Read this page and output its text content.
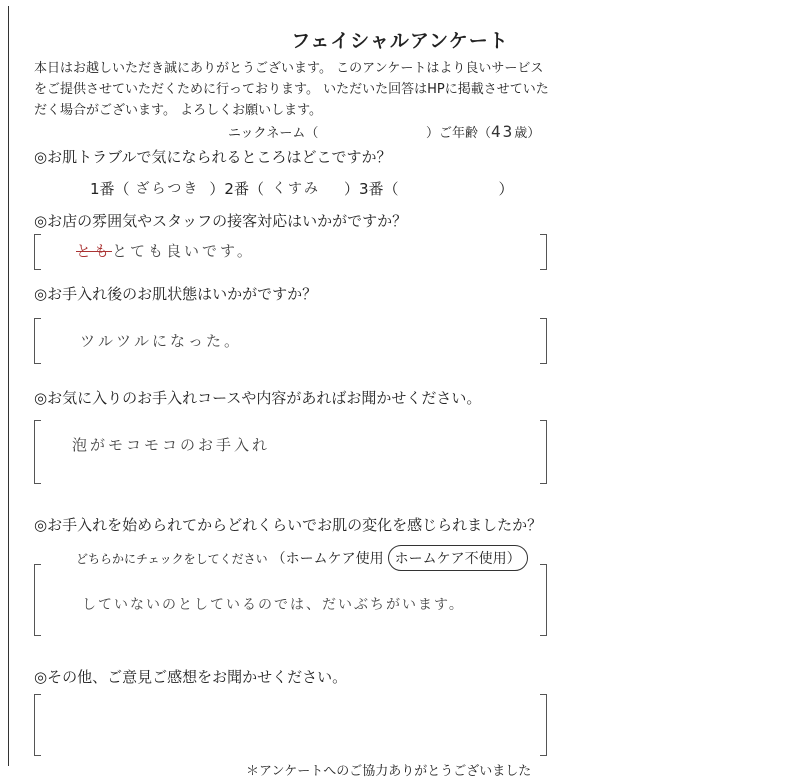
フェイシャルアンケート
本日はお越しいただき誠にありがとうございます。 このアンケートはより良いサービスをご提供させていただくために行っております。 いただいた回答はHPに掲載させていただく場合がございます。 よろしくお願いします。
ニックネーム（	）ご年齢（43歳）
◎お肌トラブルで気になられるところはどこですか？
1番（ ざらつき ）2番（ くすみ ）3番（	）
◎お店の雰囲気やスタッフの接客対応はいかがですか？
ともとても良いです。
◎お手入れ後のお肌状態はいかがですか？
ツルツルになった。
◎お気に入りのお手入れコースや内容があればお聞かせください。
泡がモコモコのお手入れ
◎お手入れを始められてからどれくらいでお肌の変化を感じられましたか？
どちらかにチェックをしてください （ホームケア使用 ホームケア不使用）
していないのとしているのでは、だいぶちがいます。
◎その他、ご意見ご感想をお聞かせください。
＊アンケートへのご協力ありがとうございました
